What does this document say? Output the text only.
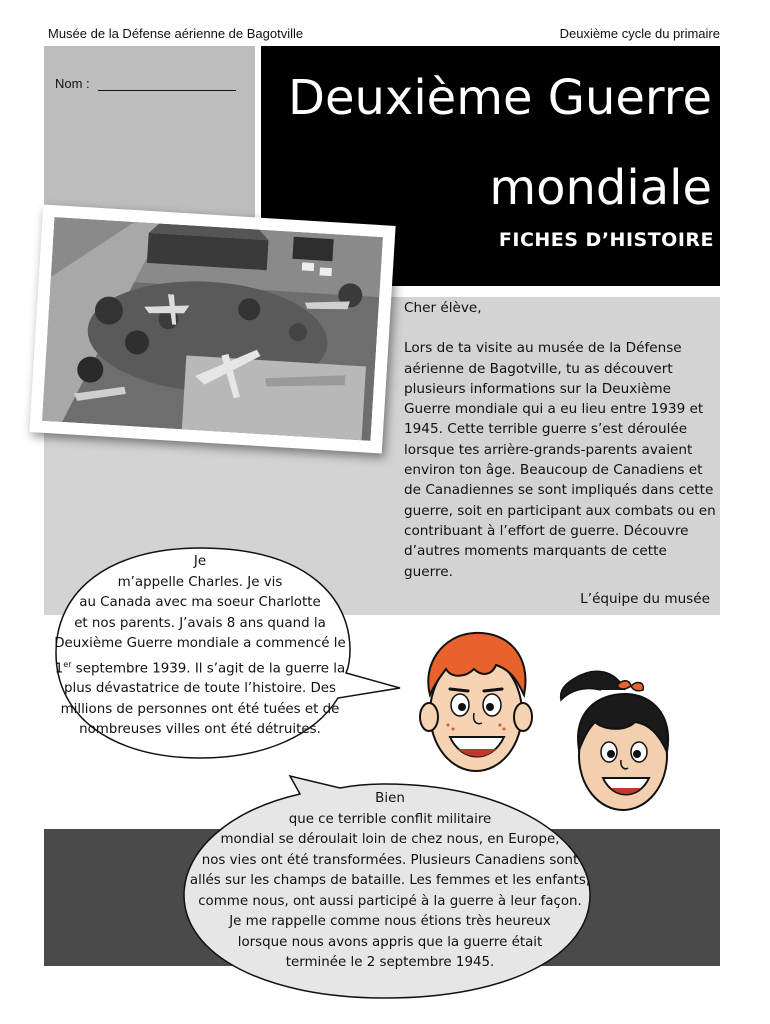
Musée de la Défense aérienne de Bagotville	Deuxième cycle du primaire
Nom :	Deuxième Guerre
mondiale
FICHES D’HISTOIRE

Cher élève,

Lors de ta visite au musée de la Défense aérienne de Bagotville, tu as découvert plusieurs informations sur la Deuxième Guerre mondiale qui a eu lieu entre 1939 et 1945. Cette terrible guerre s’est déroulée lorsque tes arrière-grands-parents avaient environ ton âge. Beaucoup de Canadiens et de Canadiennes se sont impliqués dans cette guerre, soit en participant aux combats ou en contribuant à l’effort de guerre. Découvre d’autres moments marquants de cette guerre.

L’équipe du musée
Je
m’appelle Charles. Je vis
au Canada avec ma soeur Charlotte
et nos parents. J’avais 8 ans quand la
Deuxième Guerre mondiale a commencé le
1er septembre 1939. Il s’agit de la guerre la
plus dévastatrice de toute l’histoire. Des
millions de personnes ont été tuées et de
nombreuses villes ont été détruites.
Bien
que ce terrible conflit militaire
mondial se déroulait loin de chez nous, en Europe,
nos vies ont été transformées. Plusieurs Canadiens sont
allés sur les champs de bataille. Les femmes et les enfants,
comme nous, ont aussi participé à la guerre à leur façon.
Je me rappelle comme nous étions très heureux
lorsque nous avons appris que la guerre était
terminée le 2 septembre 1945.
